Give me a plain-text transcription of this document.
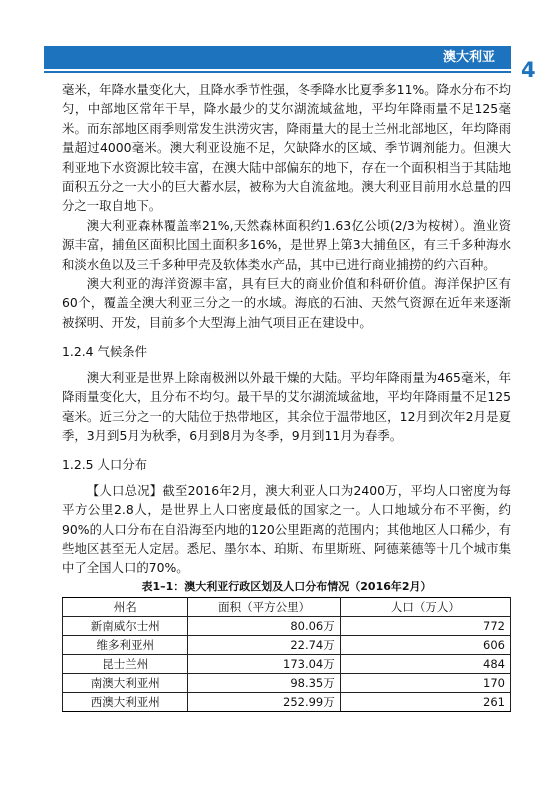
澳大利亚
4

毫米，年降水量变化大，且降水季节性强，冬季降水比夏季多11%。降水分布不均匀，中部地区常年干旱，降水最少的艾尔湖流域盆地，平均年降雨量不足125毫米。而东部地区雨季则常发生洪涝灾害，降雨量大的昆士兰州北部地区，年均降雨量超过4000毫米。澳大利亚设施不足，欠缺降水的区域、季节调剂能力。但澳大利亚地下水资源比较丰富，在澳大陆中部偏东的地下，存在一个面积相当于其陆地面积五分之一大小的巨大蓄水层，被称为大自流盆地。澳大利亚目前用水总量的四分之一取自地下。

澳大利亚森林覆盖率21%,天然森林面积约1.63亿公顷(2/3为桉树）。渔业资源丰富，捕鱼区面积比国土面积多16%，是世界上第3大捕鱼区，有三千多种海水和淡水鱼以及三千多种甲壳及软体类水产品，其中已进行商业捕捞的约六百种。

澳大利亚的海洋资源丰富，具有巨大的商业价值和科研价值。海洋保护区有60个，覆盖全澳大利亚三分之一的水域。海底的石油、天然气资源在近年来逐渐被探明、开发，目前多个大型海上油气项目正在建设中。

1.2.4 气候条件

澳大利亚是世界上除南极洲以外最干燥的大陆。平均年降雨量为465毫米，年降雨量变化大，且分布不均匀。最干旱的艾尔湖流域盆地，平均年降雨量不足125毫米。近三分之一的大陆位于热带地区，其余位于温带地区，12月到次年2月是夏季，3月到5月为秋季，6月到8月为冬季，9月到11月为春季。

1.2.5 人口分布

【人口总况】截至2016年2月，澳大利亚人口为2400万，平均人口密度为每平方公里2.8人，是世界上人口密度最低的国家之一。人口地域分布不平衡，约90%的人口分布在自沿海至内地的120公里距离的范围内；其他地区人口稀少，有些地区甚至无人定居。悉尼、墨尔本、珀斯、布里斯班、阿德莱德等十几个城市集中了全国人口的70%。

表1–1：澳大利亚行政区划及人口分布情况（2016年2月）
州名	面积（平方公里）	人口（万人）
新南威尔士州	80.06万	772
维多利亚州	22.74万	606
昆士兰州	173.04万	484
南澳大利亚州	98.35万	170
西澳大利亚州	252.99万	261
